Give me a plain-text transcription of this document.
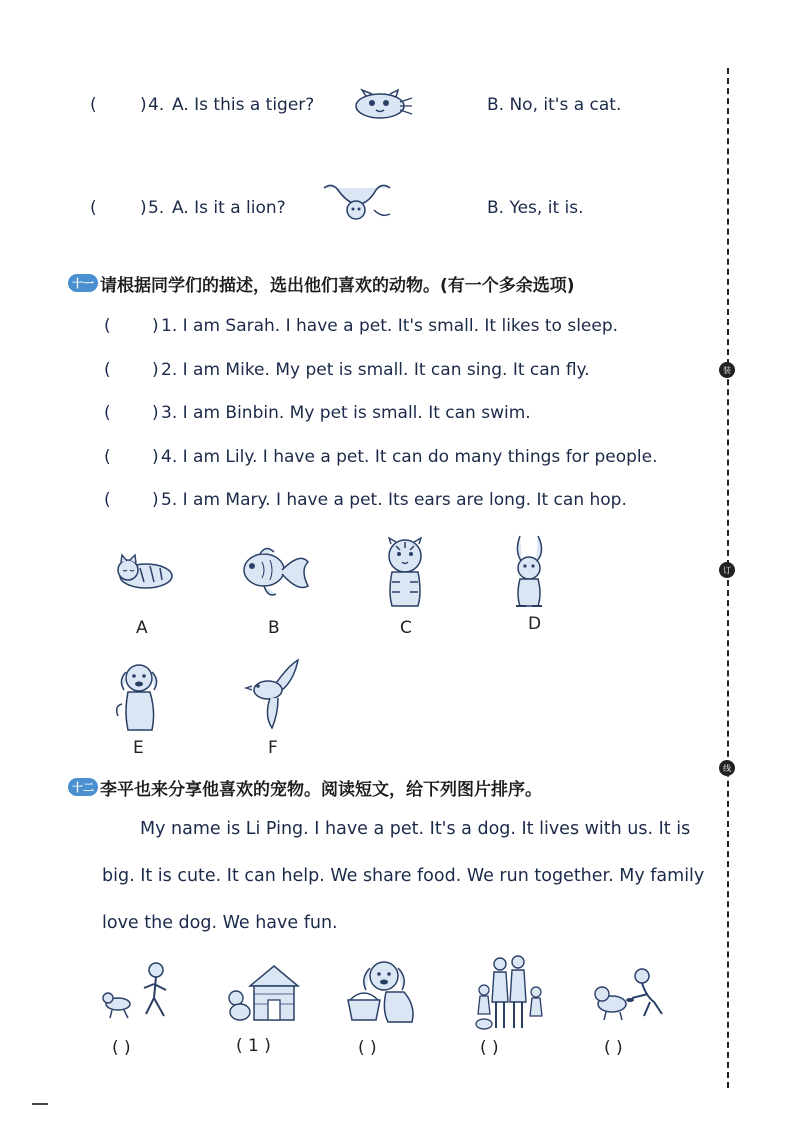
(	) 4. A. Is this a tiger?	B. No, it's a cat.
(	) 5. A. Is it a lion?	B. Yes, it is.
十一 请根据同学们的描述，选出他们喜欢的动物。(有一个多余选项)
( ) 1. I am Sarah. I have a pet. It's small. It likes to sleep.
( ) 2. I am Mike. My pet is small. It can sing. It can fly.
( ) 3. I am Binbin. My pet is small. It can swim.
( ) 4. I am Lily. I have a pet. It can do many things for people.
( ) 5. I am Mary. I have a pet. Its ears are long. It can hop.
A	B	C	D
E	F
十二 李平也来分享他喜欢的宠物。阅读短文，给下列图片排序。
My name is Li Ping. I have a pet. It's a dog. It lives with us. It is big. It is cute. It can help. We share food. We run together. My family love the dog. We have fun.
( )	( 1 )	( )	( )	( )
装
订
线
